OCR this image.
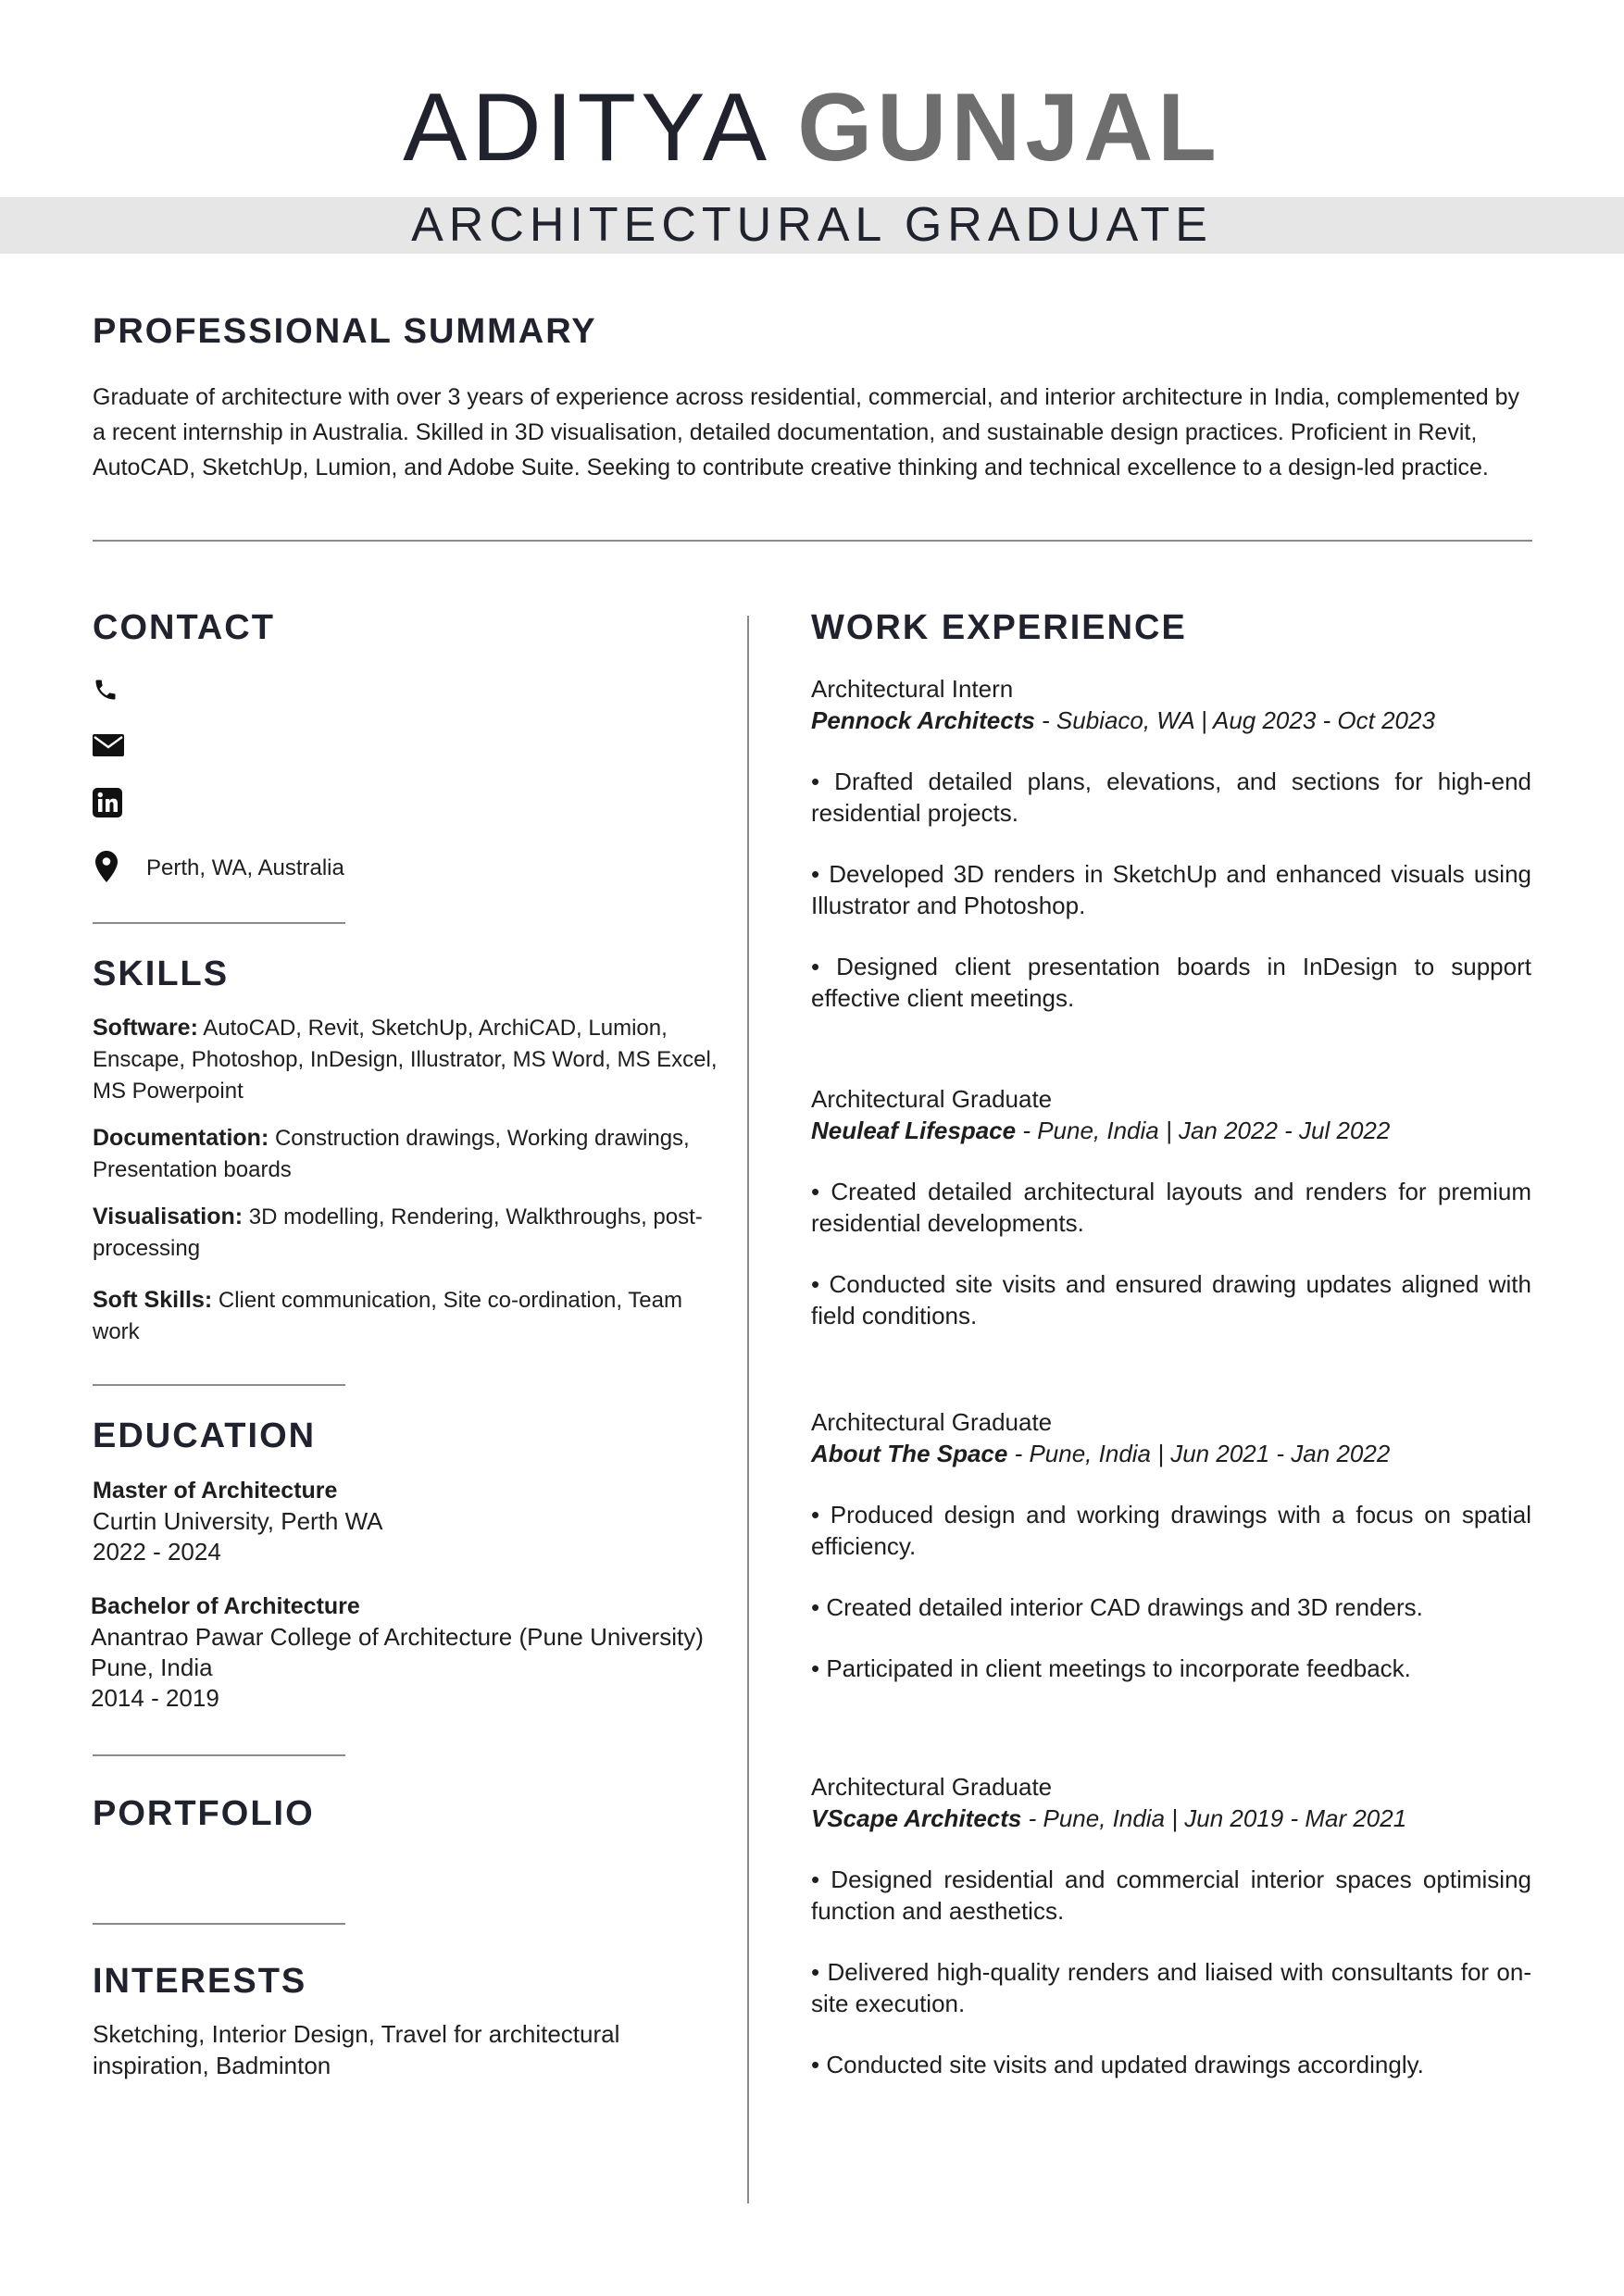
ADITYA GUNJAL
ARCHITECTURAL GRADUATE
PROFESSIONAL SUMMARY
Graduate of architecture with over 3 years of experience across residential, commercial, and interior architecture in India, complemented by a recent internship in Australia. Skilled in 3D visualisation, detailed documentation, and sustainable design practices. Proficient in Revit, AutoCAD, SketchUp, Lumion, and Adobe Suite. Seeking to contribute creative thinking and technical excellence to a design-led practice.
CONTACT
Perth, WA, Australia
SKILLS
Software: AutoCAD, Revit, SketchUp, ArchiCAD, Lumion, Enscape, Photoshop, InDesign, Illustrator, MS Word, MS Excel, MS Powerpoint
Documentation: Construction drawings, Working drawings, Presentation boards
Visualisation: 3D modelling, Rendering, Walkthroughs, post-processing
Soft Skills: Client communication, Site co-ordination, Team work
EDUCATION
Master of Architecture
Curtin University, Perth WA
2022 - 2024
Bachelor of Architecture
Anantrao Pawar College of Architecture (Pune University)
Pune, India
2014 - 2019
PORTFOLIO
INTERESTS
Sketching, Interior Design, Travel for architectural inspiration, Badminton
WORK EXPERIENCE
Architectural Intern
Pennock Architects - Subiaco, WA | Aug 2023 - Oct 2023
• Drafted detailed plans, elevations, and sections for high-end residential projects.
• Developed 3D renders in SketchUp and enhanced visuals using Illustrator and Photoshop.
• Designed client presentation boards in InDesign to support effective client meetings.
Architectural Graduate
Neuleaf Lifespace - Pune, India | Jan 2022 - Jul 2022
• Created detailed architectural layouts and renders for premium residential developments.
• Conducted site visits and ensured drawing updates aligned with field conditions.
Architectural Graduate
About The Space - Pune, India | Jun 2021 - Jan 2022
• Produced design and working drawings with a focus on spatial efficiency.
• Created detailed interior CAD drawings and 3D renders.
• Participated in client meetings to incorporate feedback.
Architectural Graduate
VScape Architects - Pune, India | Jun 2019 - Mar 2021
• Designed residential and commercial interior spaces optimising function and aesthetics.
• Delivered high-quality renders and liaised with consultants for on-site execution.
• Conducted site visits and updated drawings accordingly.
